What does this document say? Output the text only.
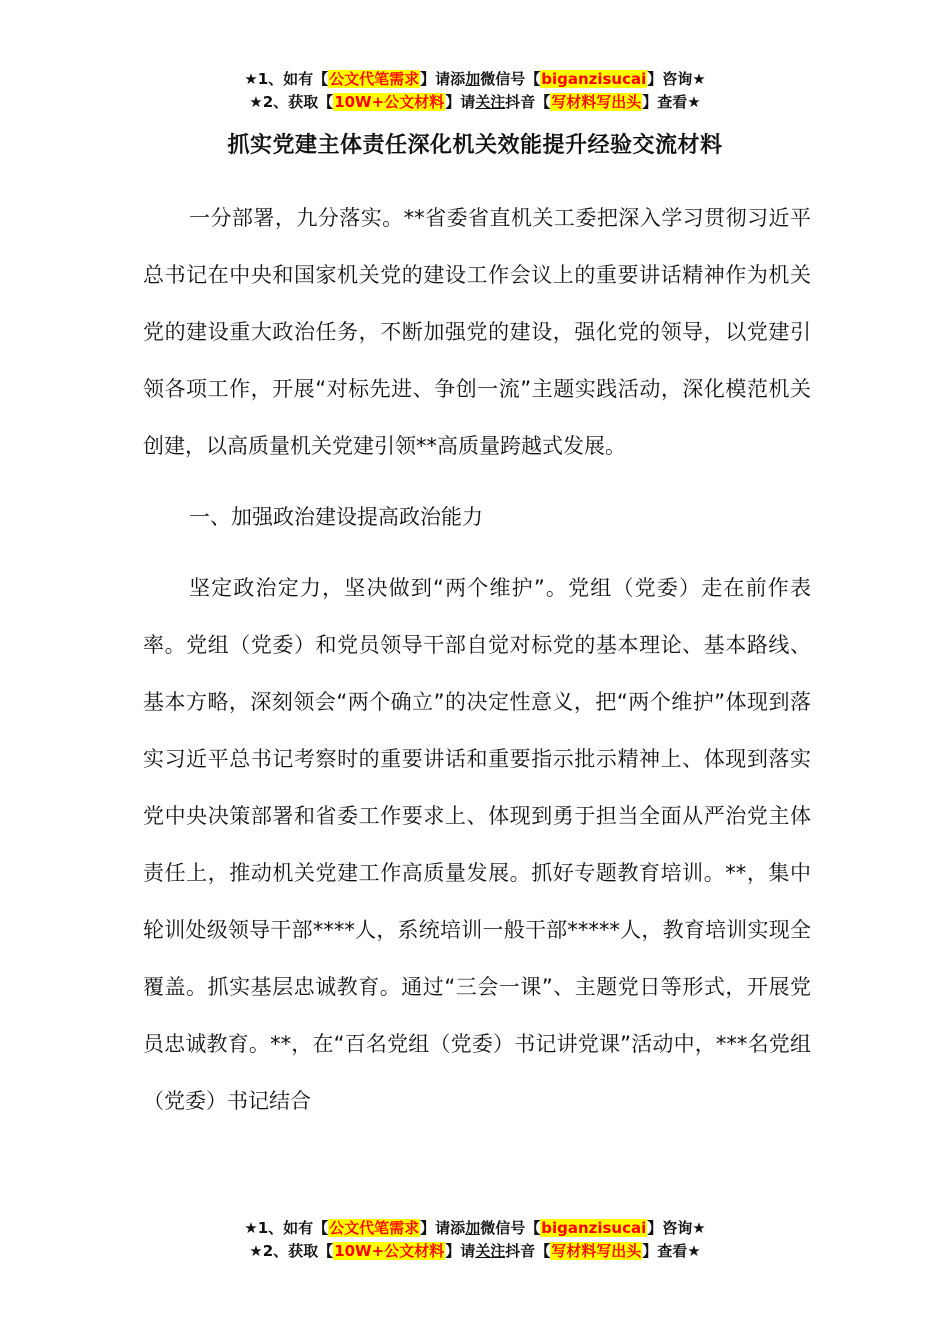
★1、如有【公文代笔需求】请添加微信号【biganzisucai】咨询★
★2、获取【10W+公文材料】请关注抖音【写材料写出头】查看★
抓实党建主体责任深化机关效能提升经验交流材料

一分部署，九分落实。**省委省直机关工委把深入学习贯彻习近平总书记在中央和国家机关党的建设工作会议上的重要讲话精神作为机关党的建设重大政治任务，不断加强党的建设，强化党的领导，以党建引领各项工作，开展“对标先进、争创一流”主题实践活动，深化模范机关创建，以高质量机关党建引领**高质量跨越式发展。

一、加强政治建设提高政治能力

坚定政治定力，坚决做到“两个维护”。党组（党委）走在前作表率。党组（党委）和党员领导干部自觉对标党的基本理论、基本路线、基本方略，深刻领会“两个确立”的决定性意义，把“两个维护”体现到落实习近平总书记考察时的重要讲话和重要指示批示精神上、体现到落实党中央决策部署和省委工作要求上、体现到勇于担当全面从严治党主体责任上，推动机关党建工作高质量发展。抓好专题教育培训。**，集中轮训处级领导干部****人，系统培训一般干部*****人，教育培训实现全覆盖。抓实基层忠诚教育。通过“三会一课”、主题党日等形式，开展党员忠诚教育。**，在“百名党组（党委）书记讲党课”活动中，***名党组（党委）书记结合

★1、如有【公文代笔需求】请添加微信号【biganzisucai】咨询★
★2、获取【10W+公文材料】请关注抖音【写材料写出头】查看★
